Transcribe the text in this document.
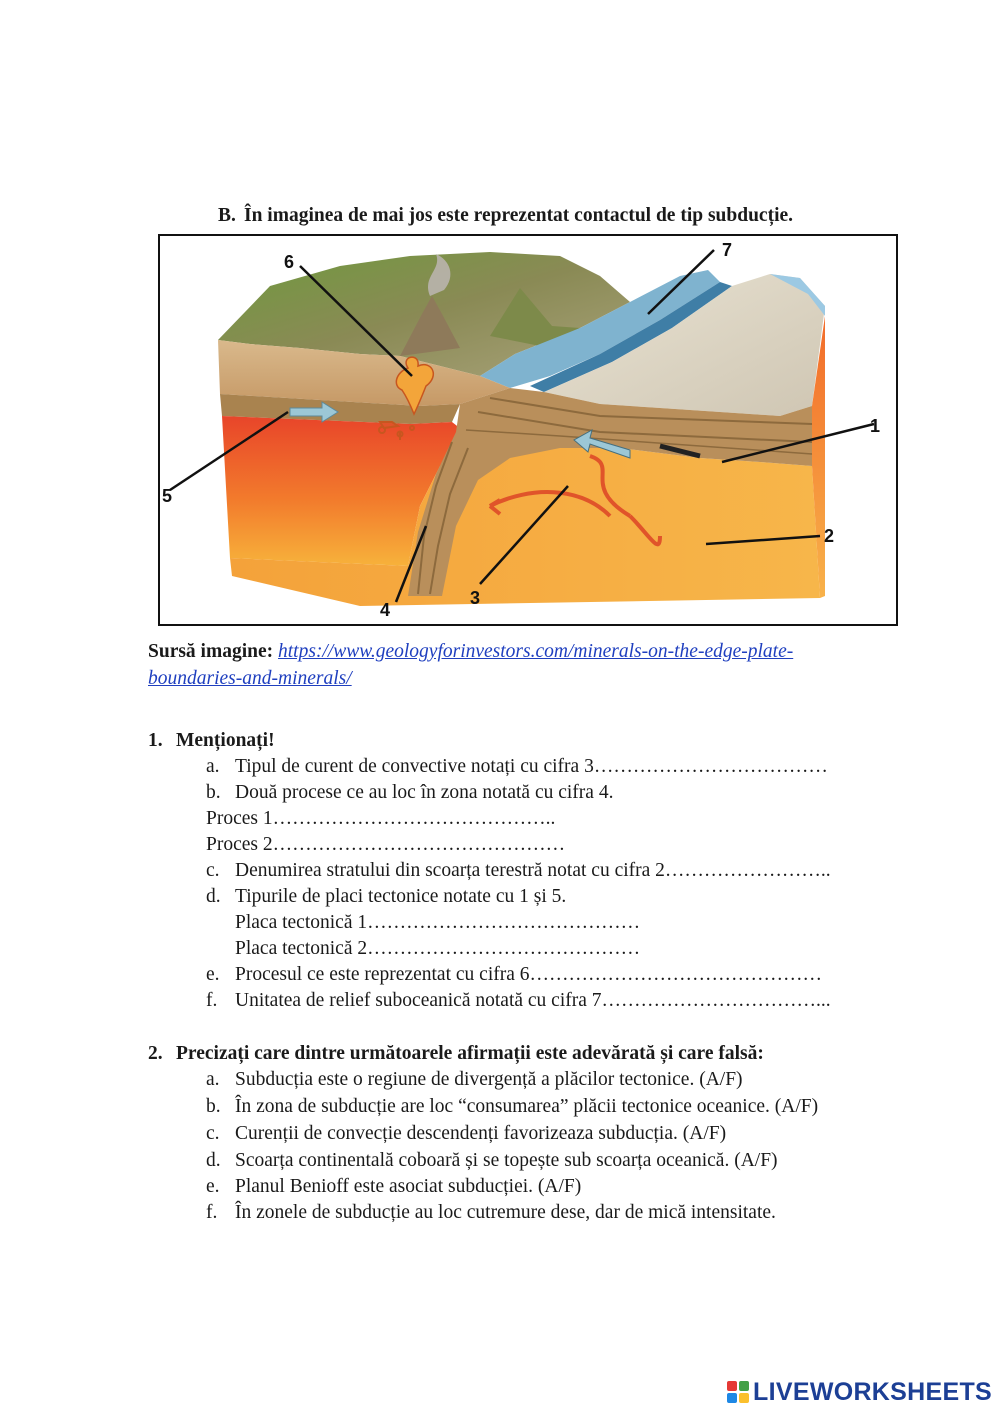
B. În imaginea de mai jos este reprezentat contactul de tip subducție.
1
2
3
4
5
6
7
Sursă imagine: https://www.geologyforinvestors.com/minerals-on-the-edge-plate-
boundaries-and-minerals/
1. Menționați!
a. Tipul de curent de convective notați cu cifra 3………………………………
b. Două procese ce au loc în zona notată cu cifra 4.
Proces 1……………………………………..
Proces 2………………………………………
c. Denumirea stratului din scoarța terestră notat cu cifra 2……………………..
d. Tipurile de placi tectonice notate cu 1 și 5.
Placa tectonică 1……………………………………
Placa tectonică 2……………………………………
e. Procesul ce este reprezentat cu cifra 6………………………………………
f. Unitatea de relief suboceanică notată cu cifra 7……………………………...
2. Precizați care dintre următoarele afirmații este adevărată și care falsă:
a. Subducția este o regiune de divergență a plăcilor tectonice. (A/F)
b. În zona de subducție are loc “consumarea” plăcii tectonice oceanice. (A/F)
c. Curenții de convecție descendenți favorizeaza subducția. (A/F)
d. Scoarța continentală coboară și se topește sub scoarța oceanică. (A/F)
e. Planul Benioff este asociat subducției. (A/F)
f. În zonele de subducție au loc cutremure dese, dar de mică intensitate.
LIVEWORKSHEETS
